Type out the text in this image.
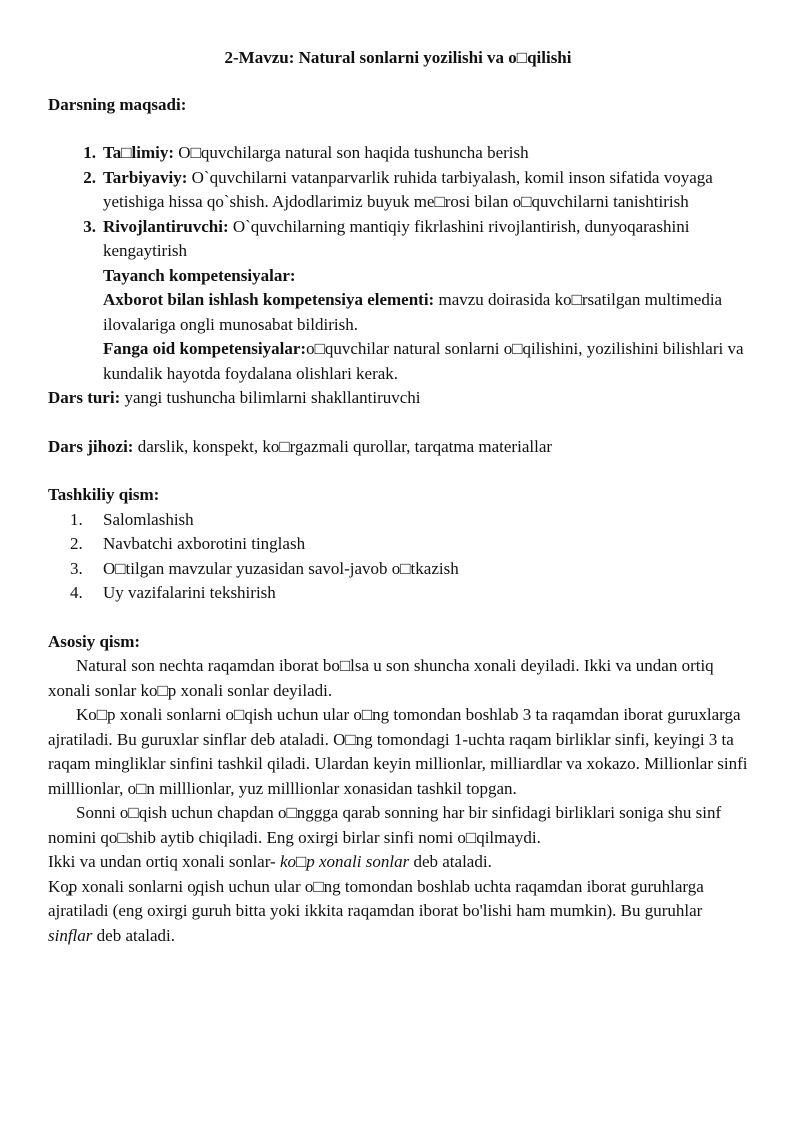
2-Mavzu: Natural sonlarni yozilishi va o□qilishi
Darsning maqsadi:
1. Ta□limiy: O□quvchilarga natural son haqida tushuncha berish
2. Tarbiyaviy: O`quvchilarni vatanparvarlik ruhida tarbiyalash, komil inson sifatida voyaga yetishiga hissa qo`shish. Ajdodlarimiz buyuk me□rosi bilan o□quvchilarni tanishtirish
3. Rivojlantiruvchi: O`quvchilarning mantiqiy fikrlashini rivojlantirish, dunyoqarashini kengaytirish
Tayanch kompetensiyalar:
Axborot bilan ishlash kompetensiya elementi: mavzu doirasida ko□rsatilgan multimedia ilovalariga ongli munosabat bildirish.
Fanga oid kompetensiyalar:o□quvchilar natural sonlarni o□qilishini, yozilishini bilishlari va kundalik hayotda foydalana olishlari kerak.
Dars turi: yangi tushuncha bilimlarni shakllantiruvchi
Dars jihozi: darslik, konspekt, ko□rgazmali qurollar, tarqatma materiallar
Tashkiliy qism:
1.	Salomlashish
2.	Navbatchi axborotini tinglash
3.	O□tilgan mavzular yuzasidan savol-javob o□tkazish
4.	Uy vazifalarini tekshirish
Asosiy qism:
Natural son nechta raqamdan iborat bo□lsa u son shuncha xonali deyiladi. Ikki va undan ortiq xonali sonlar ko□p xonali sonlar deyiladi.
Ko□p xonali sonlarni o□qish uchun ular o□ng tomondan boshlab 3 ta raqamdan iborat guruxlarga ajratiladi. Bu guruxlar sinflar deb ataladi. O□ng tomondagi 1-uchta raqam birliklar sinfi, keyingi 3 ta raqam mingliklar sinfini tashkil qiladi. Ulardan keyin millionlar, milliardlar va xokazo. Millionlar sinfi milllionlar, o□n milllionlar, yuz milllionlar xonasidan tashkil topgan.
Sonni o□qish uchun chapdan o□nggga qarab sonning har bir sinfidagi birliklari soniga shu sinf nomini qo□shib aytib chiqiladi. Eng oxirgi birlar sinfi nomi o□qilmaydi.
Ikki va undan ortiq xonali sonlar- ko□p xonali sonlar deb ataladi.
Ko̡p xonali sonlarni o̡qish uchun ular o□ng tomondan boshlab uchta raqamdan iborat guruhlarga ajratiladi (eng oxirgi guruh bitta yoki ikkita raqamdan iborat bo'lishi ham mumkin). Bu guruhlar sinflar deb ataladi.
